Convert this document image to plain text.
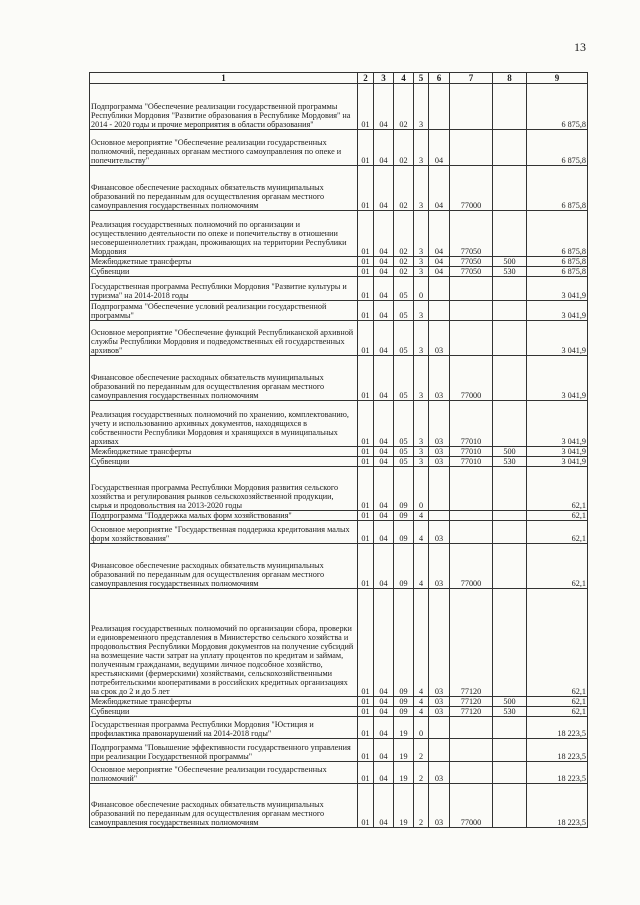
13
1	2	3	4	5	6	7	8	9
Подпрограмма "Обеспечение реализации государственной программы Республики Мордовия "Развитие образования в Республике Мордовия" на 2014 - 2020 годы и прочие мероприятия в области образования"	01	04	02	3				6 875,8
Основное мероприятие "Обеспечение реализации государственных полномочий, переданных органам местного самоуправления по опеке и попечительству"	01	04	02	3	04			6 875,8
Финансовое обеспечение расходных обязательств муниципальных образований по переданным для осуществления органам местного самоуправления государственных полномочиям	01	04	02	3	04	77000		6 875,8
Реализация государственных полномочий по организации и осуществлению деятельности по опеке и попечительству в отношении несовершеннолетних граждан, проживающих на территории Республики Мордовия	01	04	02	3	04	77050		6 875,8
Межбюджетные трансферты	01	04	02	3	04	77050	500	6 875,8
Субвенции	01	04	02	3	04	77050	530	6 875,8
Государственная программа Республики Мордовия "Развитие культуры и туризма" на 2014-2018 годы	01	04	05	0				3 041,9
Подпрограмма "Обеспечение условий реализации государственной программы"	01	04	05	3				3 041,9
Основное мероприятие "Обеспечение функций Республиканской архивной службы Республики Мордовия и подведомственных ей государственных архивов"	01	04	05	3	03			3 041,9
Финансовое обеспечение расходных обязательств муниципальных образований по переданным для осуществления органам местного самоуправления государственных полномочиям	01	04	05	3	03	77000		3 041,9
Реализация государственных полномочий по хранению, комплектованию, учету и использованию архивных документов, находящихся в собственности Республики Мордовия и хранящихся в муниципальных архивах	01	04	05	3	03	77010		3 041,9
Межбюджетные трансферты	01	04	05	3	03	77010	500	3 041,9
Субвенции	01	04	05	3	03	77010	530	3 041,9
Государственная программа Республики Мордовия развития сельского хозяйства и регулирования рынков сельскохозяйственной продукции, сырья и продовольствия на 2013-2020 годы	01	04	09	0				62,1
Подпрограмма "Поддержка малых форм хозяйствования"	01	04	09	4				62,1
Основное мероприятие "Государственная поддержка кредитования малых форм хозяйствования"	01	04	09	4	03			62,1
Финансовое обеспечение расходных обязательств муниципальных образований по переданным для осуществления органам местного самоуправления государственных полномочиям	01	04	09	4	03	77000		62,1
Реализация государственных полномочий по организации сбора, проверки и единовременного представления в Министерство сельского хозяйства и продовольствия Республики Мордовия документов на получение субсидий на возмещение части затрат на уплату процентов по кредитам и займам, полученным гражданами, ведущими личное подсобное хозяйство, крестьянскими (фермерскими) хозяйствами, сельскохозяйственными потребительскими кооперативами в российских кредитных организациях на срок до 2 и до 5 лет	01	04	09	4	03	77120		62,1
Межбюджетные трансферты	01	04	09	4	03	77120	500	62,1
Субвенции	01	04	09	4	03	77120	530	62,1
Государственная программа Республики Мордовия "Юстиция и профилактика правонарушений на 2014-2018 годы"	01	04	19	0				18 223,5
Подпрограмма "Повышение эффективности государственного управления при реализации Государственной программы"	01	04	19	2				18 223,5
Основное мероприятие "Обеспечение реализации государственных полномочий"	01	04	19	2	03			18 223,5
Финансовое обеспечение расходных обязательств муниципальных образований по переданным для осуществления органам местного самоуправления государственных полномочиям	01	04	19	2	03	77000		18 223,5
